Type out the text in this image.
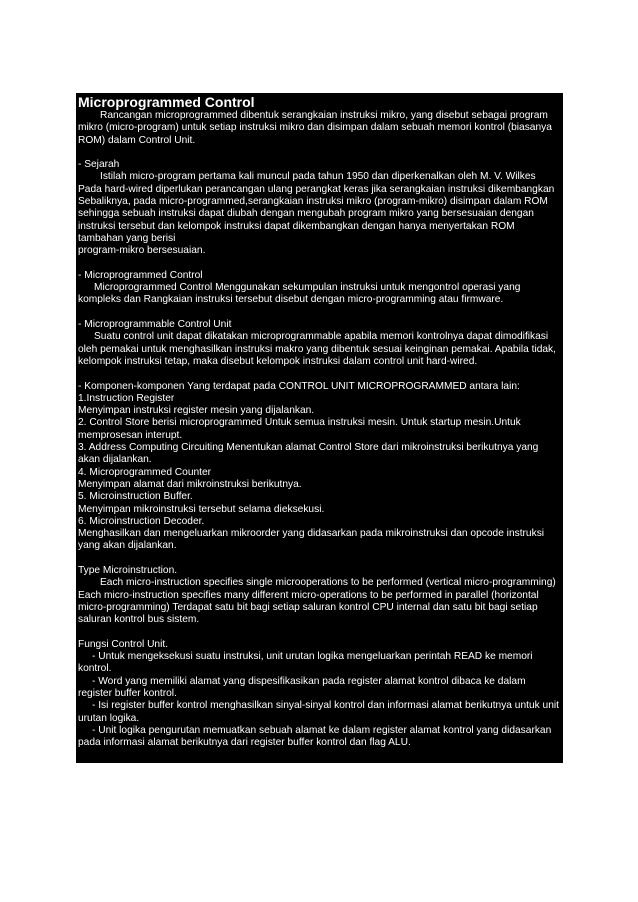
Microprogrammed Control

Rancangan microprogrammed dibentuk serangkaian instruksi mikro, yang disebut sebagai program mikro (micro-program) untuk setiap instruksi mikro dan disimpan dalam sebuah memori kontrol (biasanya ROM) dalam Control Unit.

- Sejarah

Istilah micro-program pertama kali muncul pada tahun 1950 dan diperkenalkan oleh M. V. Wilkes Pada hard-wired diperlukan perancangan ulang perangkat keras jika serangkaian instruksi dikembangkan Sebaliknya, pada micro-programmed,serangkaian instruksi mikro (program-mikro) disimpan dalam ROM sehingga sebuah instruksi dapat diubah dengan mengubah program mikro yang bersesuaian dengan instruksi tersebut dan kelompok instruksi dapat dikembangkan dengan hanya menyertakan ROM tambahan yang berisi

program-mikro bersesuaian.

- Microprogrammed Control

Microprogrammed Control Menggunakan sekumpulan instruksi untuk mengontrol operasi yang kompleks dan Rangkaian instruksi tersebut disebut dengan micro-programming atau firmware.

- Microprogrammable Control Unit

Suatu control unit dapat dikatakan microprogrammable apabila memori kontrolnya dapat dimodifikasi oleh pemakai untuk menghasilkan instruksi makro yang dibentuk sesuai keinginan pemakai. Apabila tidak, kelompok instruksi tetap, maka disebut kelompok instruksi dalam control unit hard-wired.

- Komponen-komponen Yang terdapat pada CONTROL UNIT MICROPROGRAMMED antara lain:

1.Instruction Register

Menyimpan instruksi register mesin yang dijalankan.

2. Control Store berisi microprogrammed Untuk semua instruksi mesin. Untuk startup mesin.Untuk memprosesan interupt.

3. Address Computing Circuiting Menentukan alamat Control Store dari mikroinstruksi berikutnya yang akan dijalankan.

4. Microprogrammed Counter

Menyimpan alamat dari mikroinstruksi berikutnya.

5. Microinstruction Buffer.

Menyimpan mikroinstruksi tersebut selama dieksekusi.

6. Microinstruction Decoder.

Menghasilkan dan mengeluarkan mikroorder yang didasarkan pada mikroinstruksi dan opcode instruksi yang akan dijalankan.

Type Microinstruction.

Each micro-instruction specifies single microoperations to be performed (vertical micro-programming) Each micro-instruction specifies many different micro-operations to be performed in parallel (horizontal micro-programming) Terdapat satu bit bagi setiap saluran kontrol CPU internal dan satu bit bagi setiap saluran kontrol bus sistem.

Fungsi Control Unit.

- Untuk mengeksekusi suatu instruksi, unit urutan logika mengeluarkan perintah READ ke memori kontrol.

- Word yang memiliki alamat yang dispesifikasikan pada register alamat kontrol dibaca ke dalam register buffer kontrol.

- Isi register buffer kontrol menghasilkan sinyal-sinyal kontrol dan informasi alamat berikutnya untuk unit urutan logika.

- Unit logika pengurutan memuatkan sebuah alamat ke dalam register alamat kontrol yang didasarkan pada informasi alamat berikutnya dari register buffer kontrol dan flag ALU.
